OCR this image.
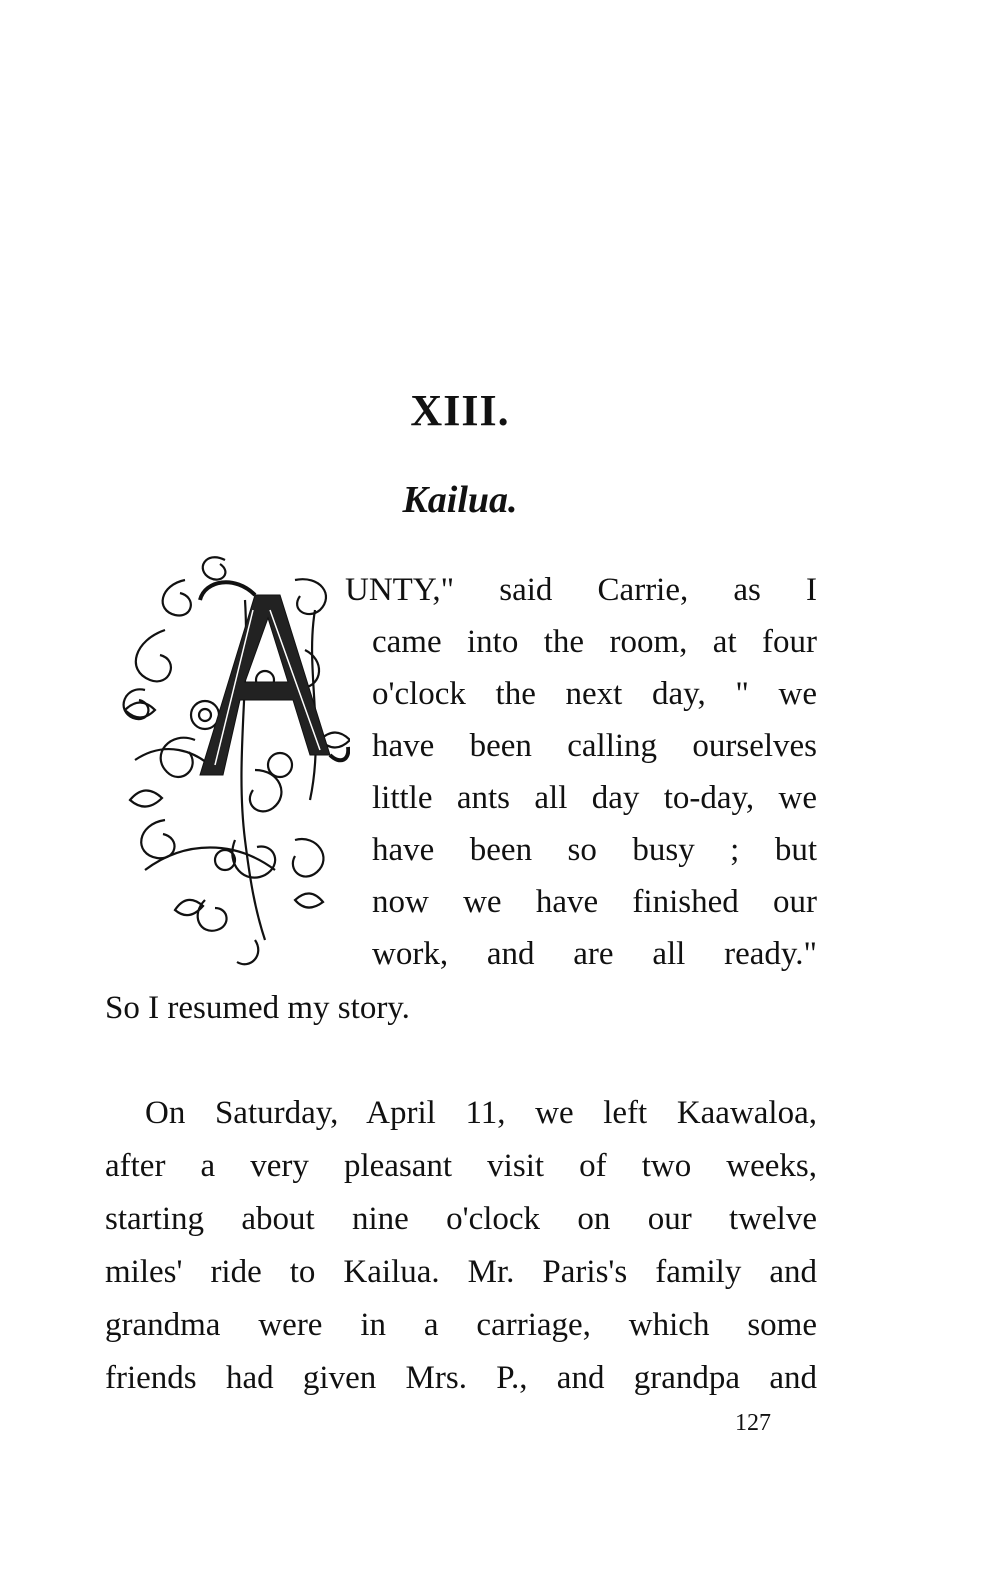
XIII.
Kailua.
UNTY," said Carrie, as I
came into the room, at four
o'clock the next day, " we
have been calling ourselves
little ants all day to-day, we
have been so busy ; but
now we have finished our
work, and are all ready."
So I resumed my story.
On Saturday, April 11, we left Kaawaloa,
after a very pleasant visit of two weeks,
starting about nine o'clock on our twelve
miles' ride to Kailua. Mr. Paris's family and
grandma were in a carriage, which some
friends had given Mrs. P., and grandpa and
127
